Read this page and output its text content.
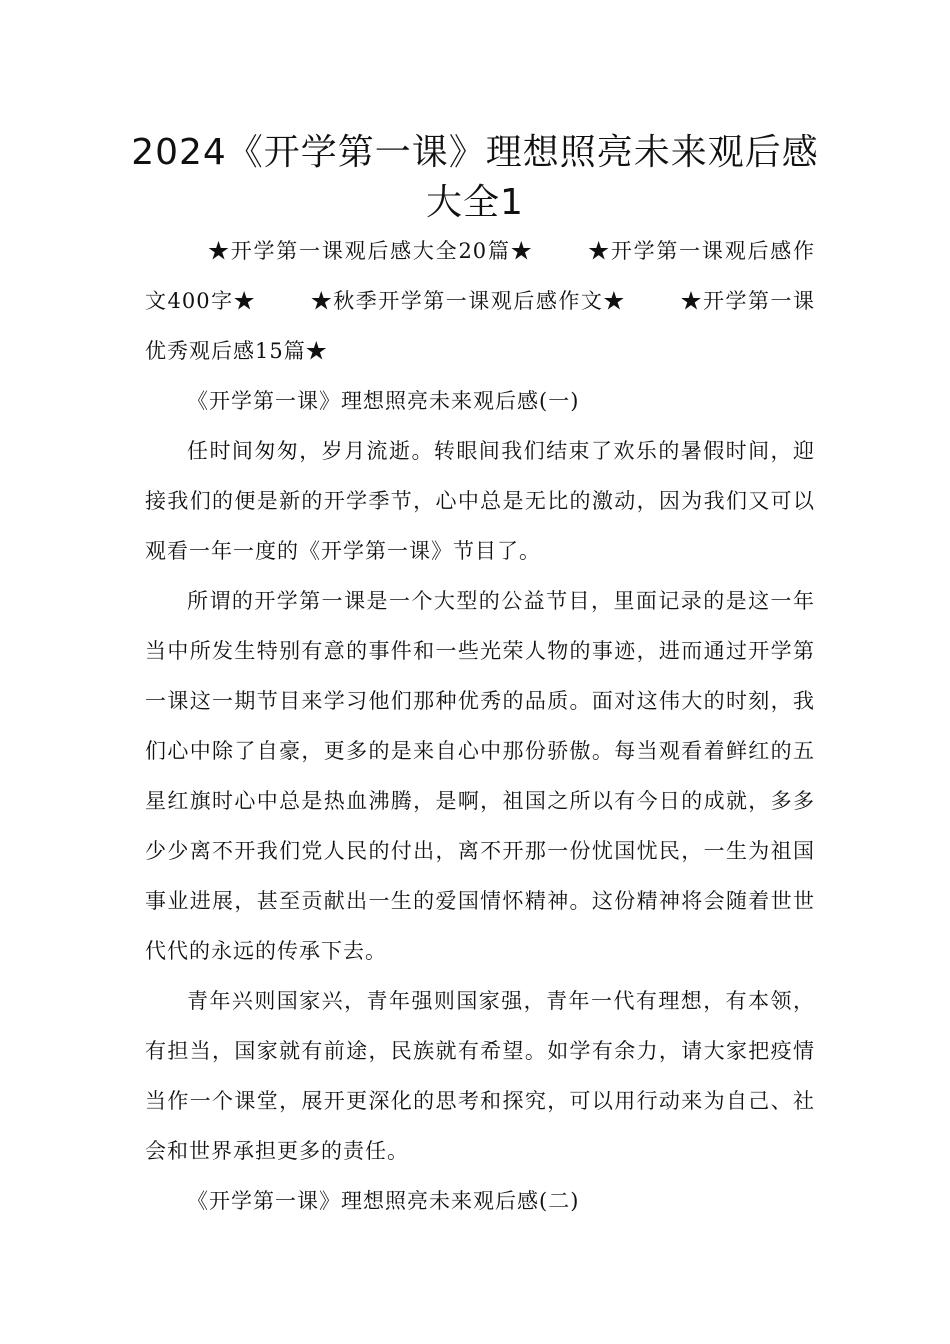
2024《开学第一课》理想照亮未来观后感大全1

★开学第一课观后感大全20篇★	★开学第一课观后感作文400字★	★秋季开学第一课观后感作文★	★开学第一课优秀观后感15篇★

《开学第一课》理想照亮未来观后感(一)

任时间匆匆，岁月流逝。转眼间我们结束了欢乐的暑假时间，迎接我们的便是新的开学季节，心中总是无比的激动，因为我们又可以观看一年一度的《开学第一课》节目了。

所谓的开学第一课是一个大型的公益节目，里面记录的是这一年当中所发生特别有意的事件和一些光荣人物的事迹，进而通过开学第一课这一期节目来学习他们那种优秀的品质。面对这伟大的时刻，我们心中除了自豪，更多的是来自心中那份骄傲。每当观看着鲜红的五星红旗时心中总是热血沸腾，是啊，祖国之所以有今日的成就，多多少少离不开我们党人民的付出，离不开那一份忧国忧民，一生为祖国事业进展，甚至贡献出一生的爱国情怀精神。这份精神将会随着世世代代的永远的传承下去。

青年兴则国家兴，青年强则国家强，青年一代有理想，有本领，有担当，国家就有前途，民族就有希望。如学有余力，请大家把疫情当作一个课堂，展开更深化的思考和探究，可以用行动来为自己、社会和世界承担更多的责任。

《开学第一课》理想照亮未来观后感(二)
